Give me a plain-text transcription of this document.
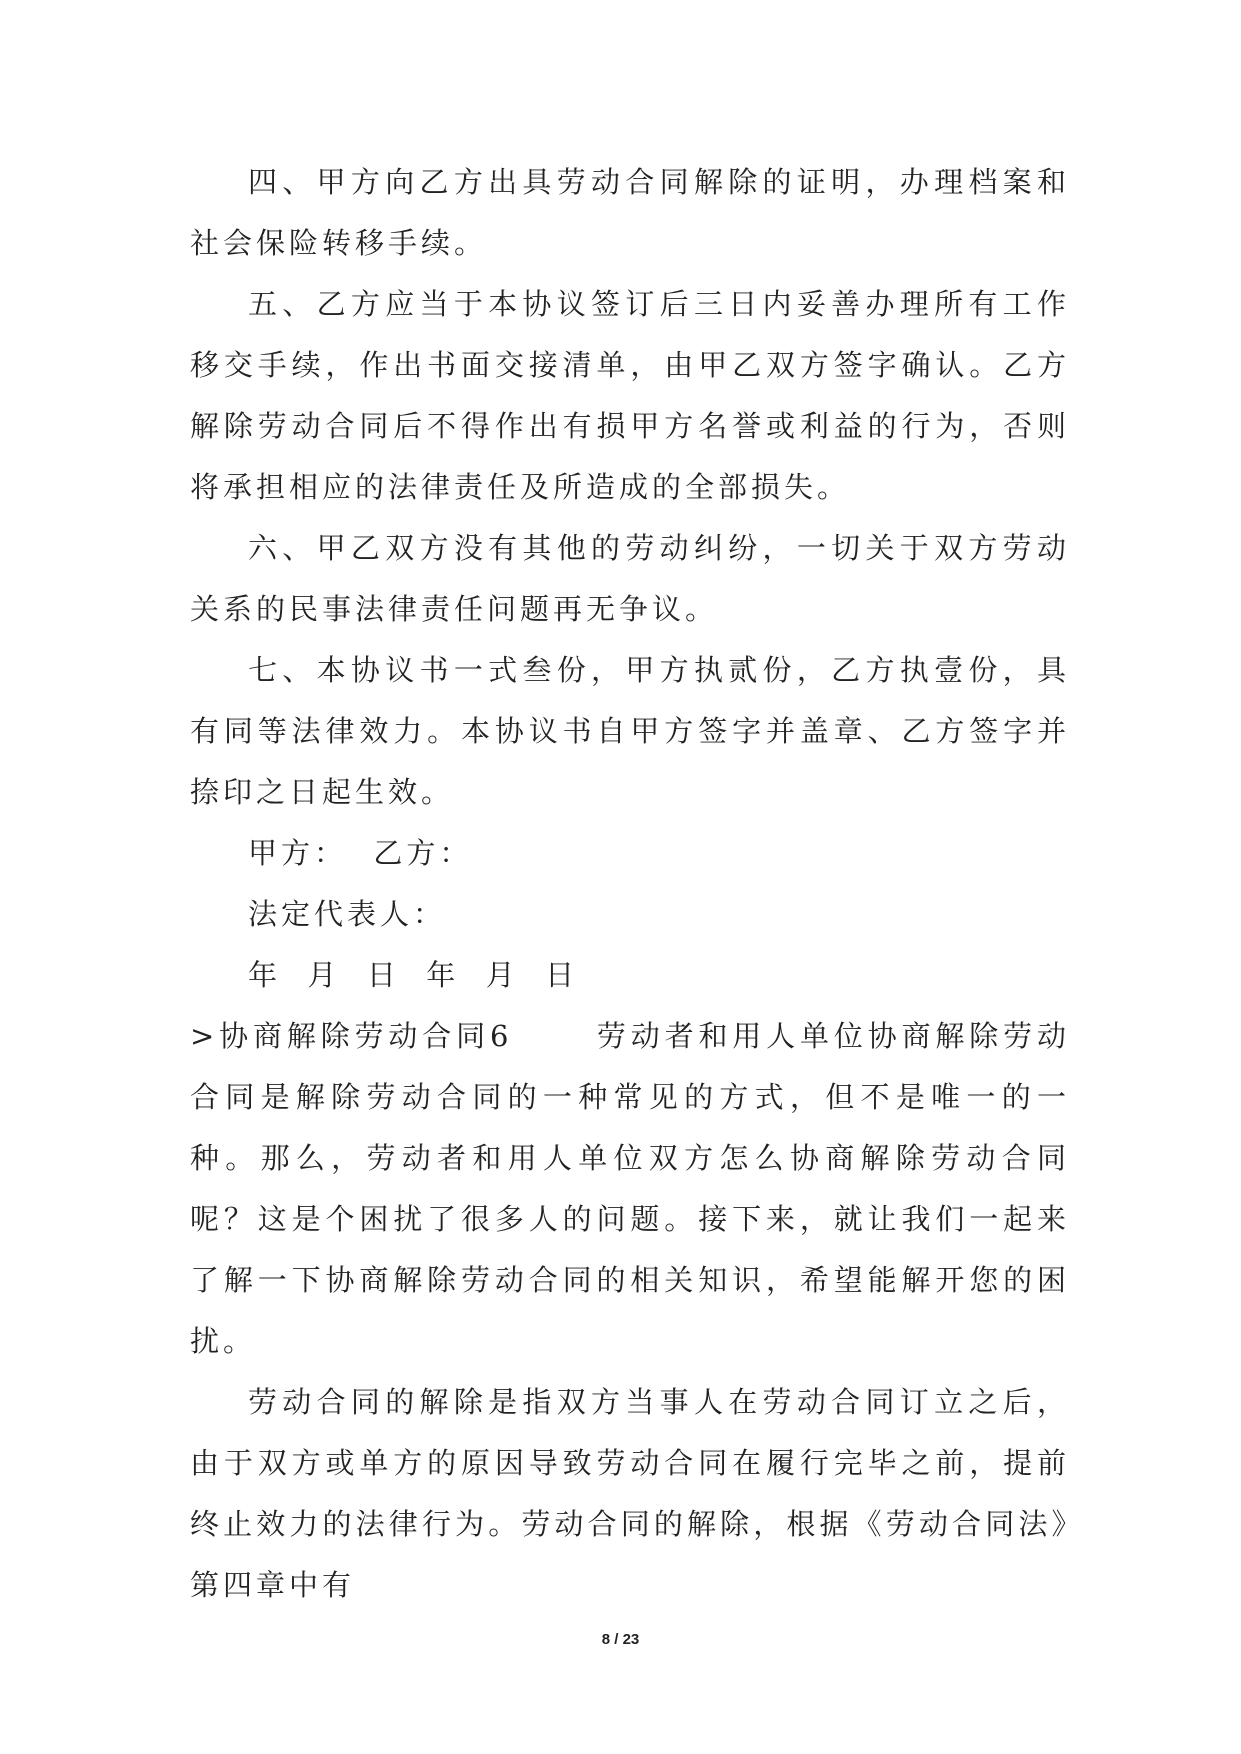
四、甲方向乙方出具劳动合同解除的证明，办理档案和社会保险转移手续。

五、乙方应当于本协议签订后三日内妥善办理所有工作移交手续，作出书面交接清单，由甲乙双方签字确认。乙方解除劳动合同后不得作出有损甲方名誉或利益的行为，否则将承担相应的法律责任及所造成的全部损失。

六、甲乙双方没有其他的劳动纠纷，一切关于双方劳动关系的民事法律责任问题再无争议。

七、本协议书一式叁份，甲方执贰份，乙方执壹份，具有同等法律效力。本协议书自甲方签字并盖章、乙方签字并捺印之日起生效。

甲方：  乙方：

法定代表人：

年  月  日  年  月  日

>协商解除劳动合同6      劳动者和用人单位协商解除劳动合同是解除劳动合同的一种常见的方式，但不是唯一的一种。那么，劳动者和用人单位双方怎么协商解除劳动合同呢？这是个困扰了很多人的问题。接下来，就让我们一起来了解一下协商解除劳动合同的相关知识，希望能解开您的困扰。

劳动合同的解除是指双方当事人在劳动合同订立之后，由于双方或单方的原因导致劳动合同在履行完毕之前，提前终止效力的法律行为。劳动合同的解除，根据《劳动合同法》第四章中有

8 / 23
